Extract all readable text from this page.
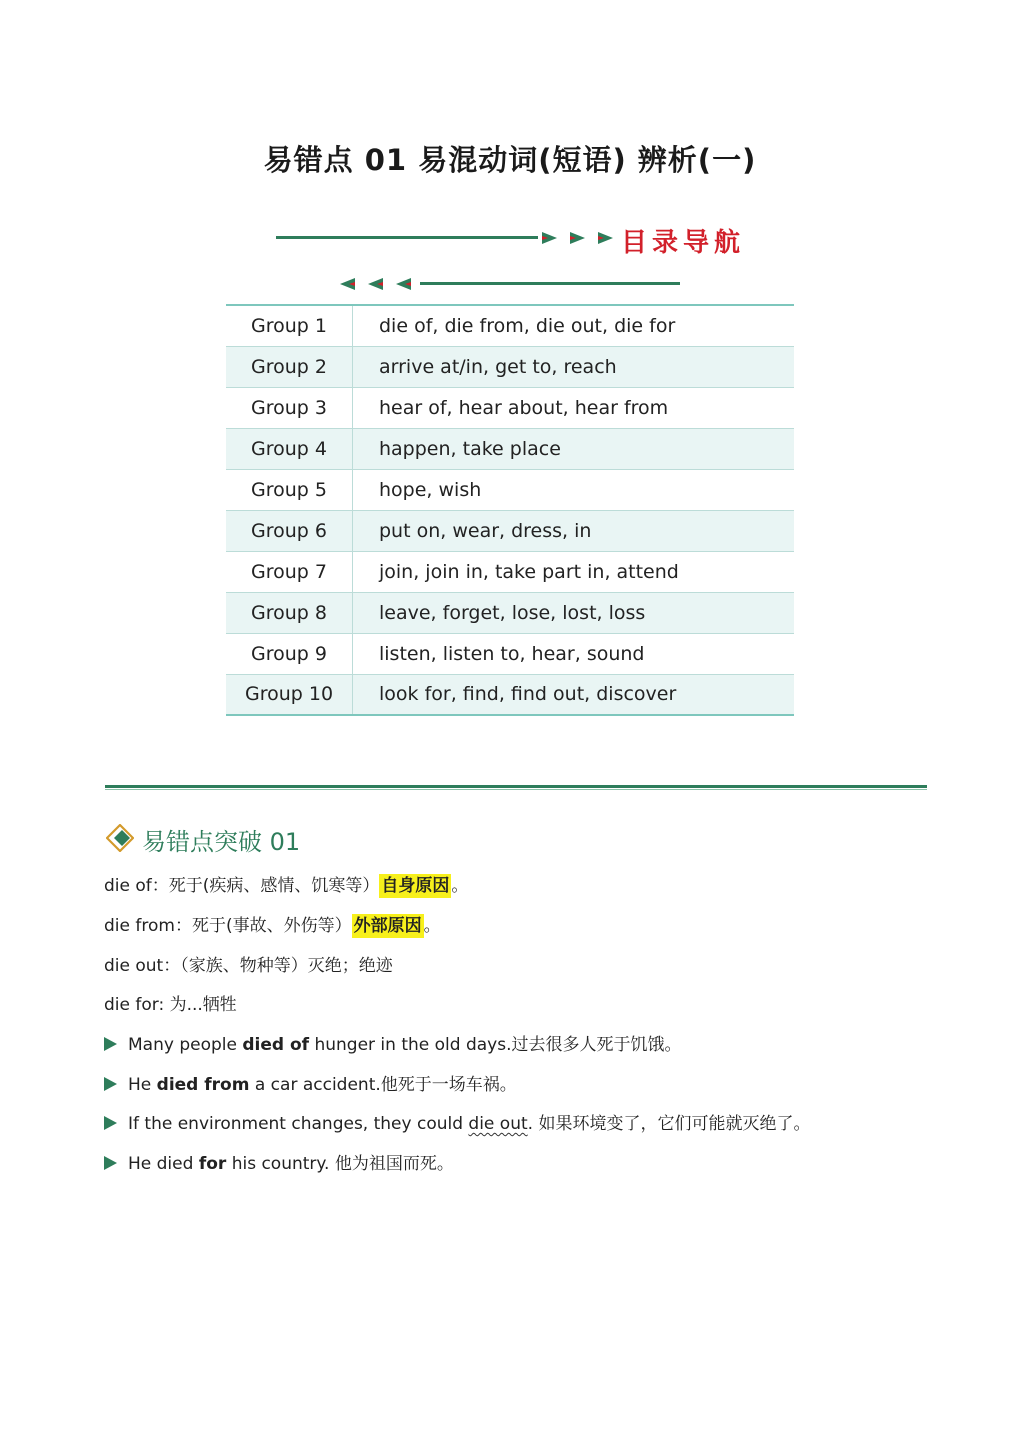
易错点 01 易混动词(短语) 辨析(一)
目录导航
Group 1	die of, die from, die out, die for
Group 2	arrive at/in, get to, reach
Group 3	hear of, hear about, hear from
Group 4	happen, take place
Group 5	hope, wish
Group 6	put on, wear, dress, in
Group 7	join, join in, take part in, attend
Group 8	leave, forget, lose, lost, loss
Group 9	listen, listen to, hear, sound
Group 10	look for, find, find out, discover
易错点突破 01
die of：死于(疾病、感情、饥寒等） 自身原因 。
die from：死于(事故、外伤等） 外部原因 。
die out：（家族、物种等）灭绝；绝迹
die for: 为...牺牲
Many people died of hunger in the old days.过去很多人死于饥饿。
He died from a car accident.他死于一场车祸。
If the environment changes, they could die out. 如果环境变了，它们可能就灭绝了。
He died for his country. 他为祖国而死。
